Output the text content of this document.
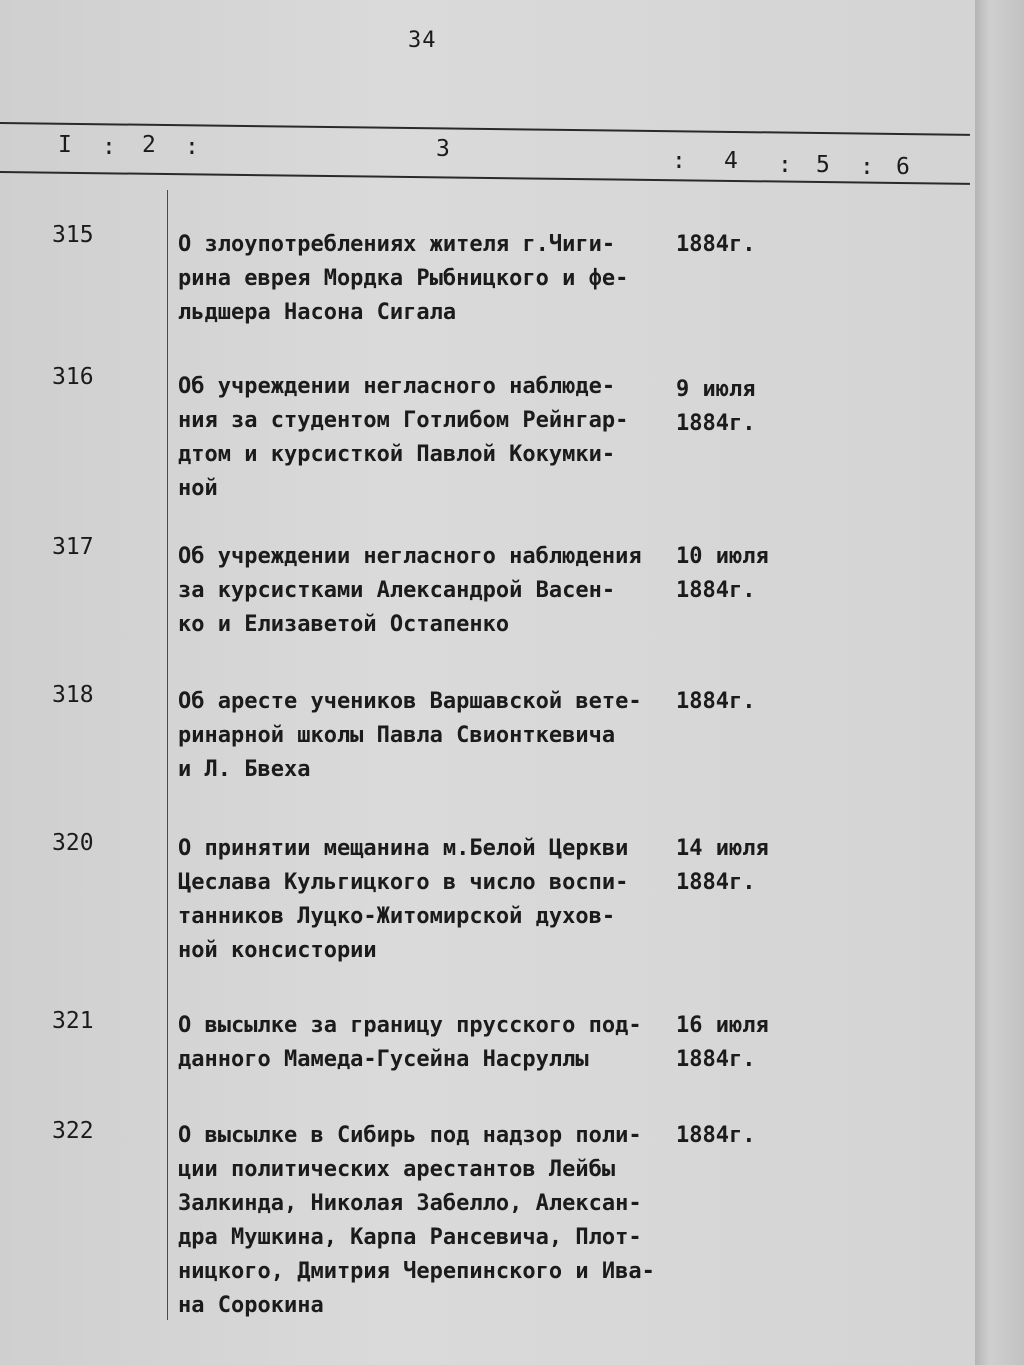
34
I : 2 :	3	: 4 : 5 : 6
315	О злоупотреблениях жителя г.Чиги-
рина еврея Мордка Рыбницкого и фе-
льдшера Насона Сигала
1884г.
316	Об учреждении негласного наблюде-
ния за студентом Готлибом Рейнгар-
дтом и курсисткой Павлой Кокумки-
ной
9 июля
1884г.
317	Об учреждении негласного наблюдения
за курсистками Александрой Васен-
ко и Елизаветой Остапенко
10 июля
1884г.
318	Об аресте учеников Варшавской вете-
ринарной школы Павла Свионткевича
и Л. Бвеха
1884г.
320	О принятии мещанина м.Белой Церкви
Цеслава Кульгицкого в число воспи-
танников Луцко-Житомирской духов-
ной консистории
14 июля
1884г.
321	О высылке за границу прусского под-
данного Мамеда-Гусейна Насруллы
16 июля
1884г.
322	О высылке в Сибирь под надзор поли-
ции политических арестантов Лейбы
Залкинда, Николая Забелло, Алексан-
дра Мушкина, Карпа Рансевича, Плот-
ницкого, Дмитрия Черепинского и Ива-
на Сорокина
1884г.
